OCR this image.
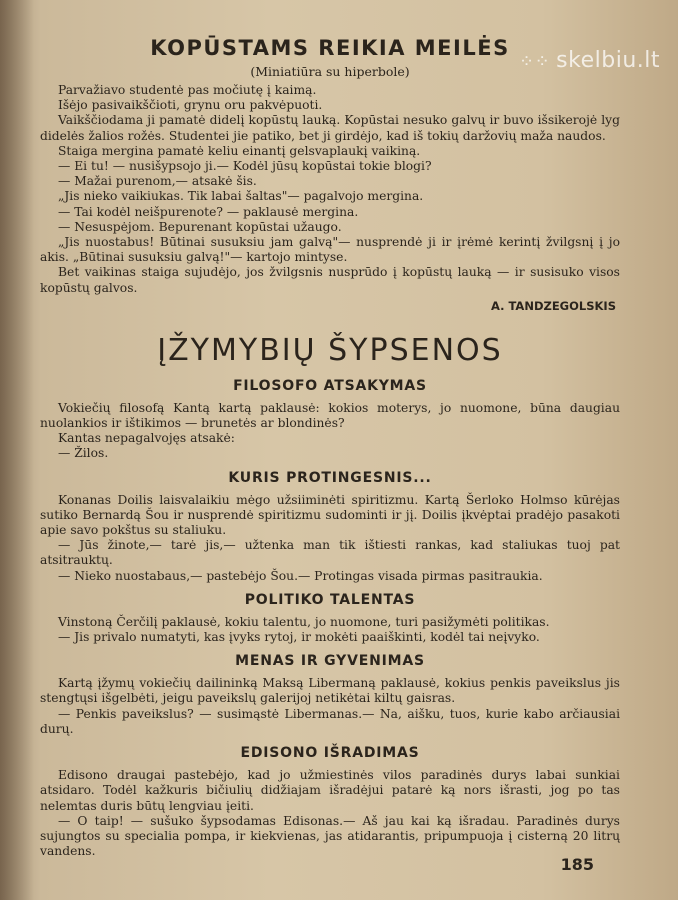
⁘⁘ skelbiu.lt
KOPŪSTAMS REIKIA MEILĖS
(Miniatiūra su hiperbole)

Parvažiavo studentė pas močiutę į kaimą.

Išėjo pasivaikščioti, grynu oru pakvėpuoti.

Vaikščiodama ji pamatė didelį kopūstų lauką. Kopūstai nesuko galvų ir buvo išsikerojė lyg didelės žalios rožės. Studentei jie patiko, bet ji girdėjo, kad iš tokių daržovių maža naudos.

Staiga mergina pamatė keliu einantį gelsvaplaukį vaikiną.

— Ei tu! — nusišypsojo ji.— Kodėl jūsų kopūstai tokie blogi?

— Mažai purenom,— atsakė šis.

„Jis nieko vaikiukas. Tik labai šaltas"— pagalvojo mergina.

— Tai kodėl neišpurenote? — paklausė mergina.

— Nesuspėjom. Bepurenant kopūstai užaugo.

„Jis nuostabus! Būtinai susuksiu jam galvą"— nusprendė ji ir įrėmė kerintį žvilgsnį į jo akis. „Būtinai susuksiu galvą!"— kartojo mintyse.

Bet vaikinas staiga sujudėjo, jos žvilgsnis nusprūdo į kopūstų lauką — ir susisuko visos kopūstų galvos.

A. TANDZEGOLSKIS
ĮŽYMYBIŲ ŠYPSENOS
FILOSOFO ATSAKYMAS

Vokiečių filosofą Kantą kartą paklausė: kokios moterys, jo nuomone, būna daugiau nuolankios ir ištikimos — brunetės ar blondinės?

Kantas nepagalvojęs atsakė:

— Žilos.

KURIS PROTINGESNIS...

Konanas Doilis laisvalaikiu mėgo užsiiminėti spiritizmu. Kartą Šerloko Holmso kūrėjas sutiko Bernardą Šou ir nusprendė spiritizmu sudominti ir jį. Doilis įkvėptai pradėjo pasakoti apie savo pokštus su staliuku.

— Jūs žinote,— tarė jis,— užtenka man tik ištiesti rankas, kad staliukas tuoj pat atsitrauktų.

— Nieko nuostabaus,— pastebėjo Šou.— Protingas visada pirmas pasitraukia.

POLITIKO TALENTAS

Vinstoną Čerčilį paklausė, kokiu talentu, jo nuomone, turi pasižymėti politikas.

— Jis privalo numatyti, kas įvyks rytoj, ir mokėti paaiškinti, kodėl tai neįvyko.

MENAS IR GYVENIMAS

Kartą įžymų vokiečių dailininką Maksą Libermaną paklausė, kokius penkis paveikslus jis stengtųsi išgelbėti, jeigu paveikslų galerijoj netikėtai kiltų gaisras.

— Penkis paveikslus? — susimąstė Libermanas.— Na, aišku, tuos, kurie kabo arčiausiai durų.

EDISONO IŠRADIMAS

Edisono draugai pastebėjo, kad jo užmiestinės vilos paradinės durys labai sunkiai atsidaro. Todėl kažkuris bičiulių didžiajam išradėjui patarė ką nors išrasti, jog po tas nelemtas duris būtų lengviau įeiti.

— O taip! — sušuko šypsodamas Edisonas.— Aš jau kai ką išradau. Paradinės durys sujungtos su specialia pompa, ir kiekvienas, jas atidarantis, pripumpuoja į cisterną 20 litrų vandens.

185
